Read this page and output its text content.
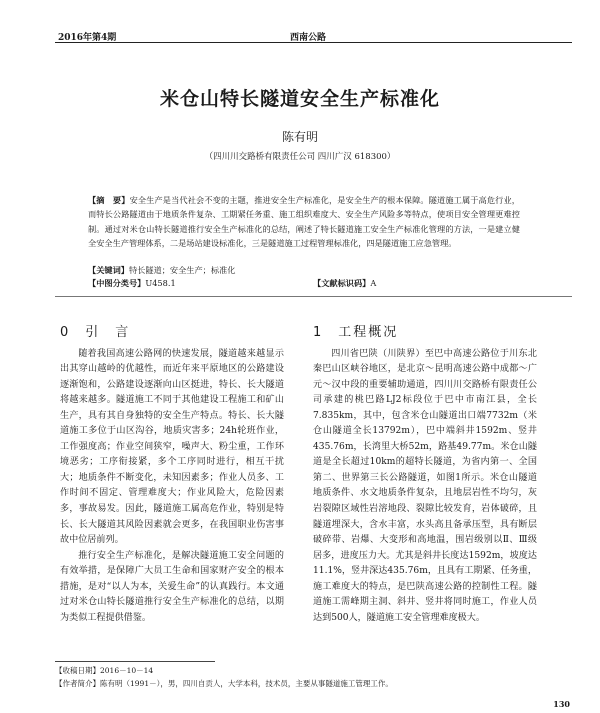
2016年第4期	西南公路
米仓山特长隧道安全生产标准化
陈有明
（四川川交路桥有限责任公司 四川广汉 618300）
【摘　要】安全生产是当代社会不变的主题，推进安全生产标准化，是安全生产的根本保障。隧道施工属于高危行业，而特长公路隧道由于地质条件复杂、工期紧任务重、施工组织难度大、安全生产风险多等特点，使项目安全管理更难控制。通过对米仓山特长隧道推行安全生产标准化的总结，阐述了特长隧道施工安全生产标准化管理的方法，一是建立健全安全生产管理体系，二是场站建设标准化，三是隧道施工过程管理标准化，四是隧道施工应急管理。
【关键词】特长隧道；安全生产；标准化
【中图分类号】U458.1	【文献标识码】A
0　引　言

随着我国高速公路网的快速发展，隧道越来越显示出其穿山越岭的优越性，而近年来平原地区的公路建设逐渐饱和，公路建设逐渐向山区挺进，特长、长大隧道将越来越多。隧道施工不同于其他建设工程施工和矿山生产，具有其自身独特的安全生产特点。特长、长大隧道施工多位于山区沟谷，地质灾害多；24h轮班作业，工作强度高；作业空间狭窄，噪声大、粉尘重，工作环境恶劣；工序衔接紧，多个工序同时进行，相互干扰大；地质条件不断变化，未知因素多；作业人员多、工作时间不固定、管理难度大；作业风险大，危险因素多，事故易发。因此，隧道施工属高危作业，特别是特长、长大隧道其风险因素就会更多，在我国职业伤害事故中位居前列。

推行安全生产标准化，是解决隧道施工安全问题的有效举措，是保障广大员工生命和国家财产安全的根本措施，是对“以人为本，关爱生命”的认真践行。本文通过对米仓山特长隧道推行安全生产标准化的总结，以期为类似工程提供借鉴。

1　工程概况

四川省巴陕（川陕界）至巴中高速公路位于川东北秦巴山区峡谷地区，是北京～昆明高速公路中成都～广元～汉中段的重要辅助通道，四川川交路桥有限责任公司承建的桃巴路LJ2标段位于巴中市南江县，全长7.835km，其中，包含米仓山隧道出口端7732m（米仓山隧道全长13792m），巴中端斜井1592m、竖井435.76m，长湾里大桥52m，路基49.77m。米仓山隧道是全长超过10km的超特长隧道，为省内第一、全国第二、世界第三长公路隧道，如图1所示。米仓山隧道地质条件、水文地质条件复杂，且地层岩性不均匀，灰岩裂隙区域性岩溶地段、裂隙比较发育，岩体破碎，且隧道埋深大，含水丰富，水头高且备承压型，具有断层破碎带、岩爆、大变形和高地温，围岩级别以Ⅱ、Ⅲ级居多，进度压力大。尤其是斜井长度达1592m，坡度达11.1%，竖井深达435.76m，且具有工期紧、任务重，施工难度大的特点，是巴陕高速公路的控制性工程。隧道施工需峰期主洞、斜井、竖井将同时施工，作业人员达到500人，隧道施工安全管理难度极大。

【收稿日期】2016－10－14
【作者简介】陈有明（1991－），男，四川自贡人，大学本科，技术员，主要从事隧道施工管理工作。
130
